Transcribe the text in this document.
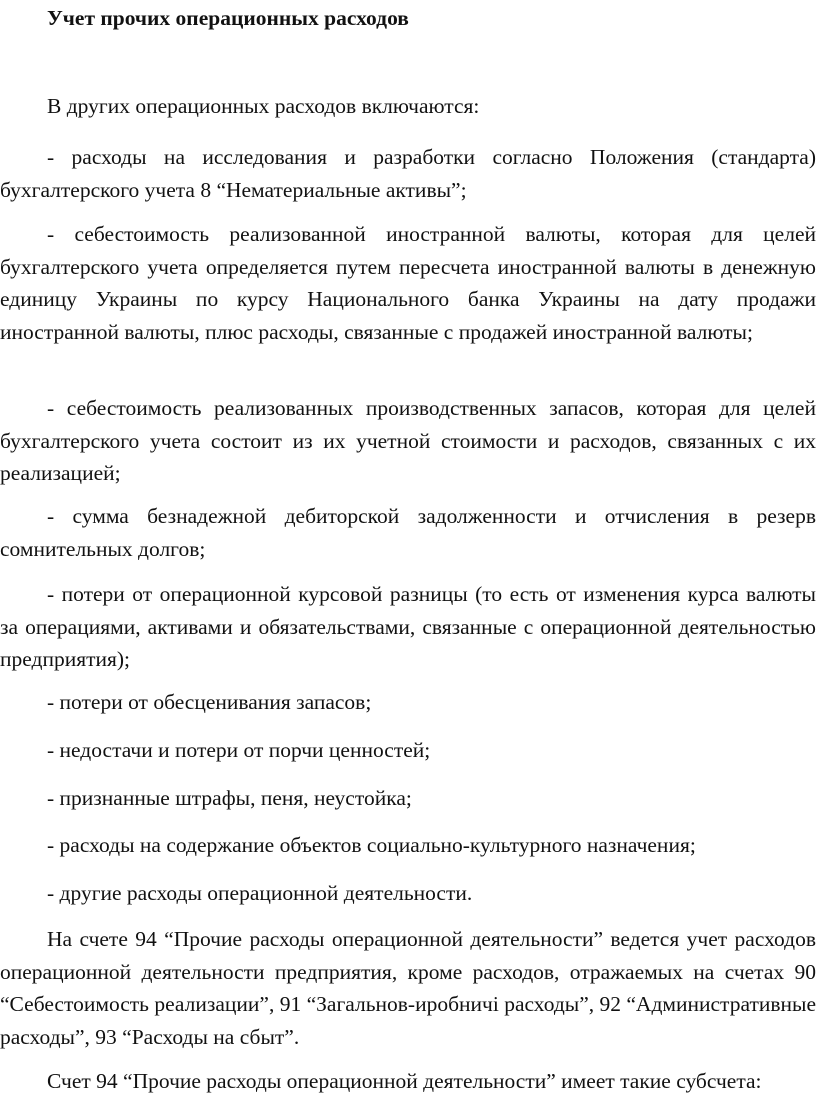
Учет прочих операционных расходов
В других операционных расходов включаются:
- расходы на исследования и разработки согласно Положения (стандарта) бухгалтерского учета 8 “Нематериальные активы”;
- себестоимость реализованной иностранной валюты, которая для целей бухгалтерского учета определяется путем пересчета иностранной валюты в денежную единицу Украины по курсу Национального банка Украины на дату продажи иностранной валюты, плюс расходы, связанные с продажей иностранной валюты;
- себестоимость реализованных производственных запасов, которая для целей бухгалтерского учета состоит из их учетной стоимости и расходов, связанных с их реализацией;
- сумма безнадежной дебиторской задолженности и отчисления в резерв сомнительных долгов;
- потери от операционной курсовой разницы (то есть от изменения курса валюты за операциями, активами и обязательствами, связанные с операционной деятельностью предприятия);
- потери от обесценивания запасов;
- недостачи и потери от порчи ценностей;
- признанные штрафы, пеня, неустойка;
- расходы на содержание объектов социально-культурного назначения;
- другие расходы операционной деятельности.
На счете 94 “Прочие расходы операционной деятельности” ведется учет расходов операционной деятельности предприятия, кроме расходов, отражаемых на счетах 90 “Себестоимость реализации”, 91 “Загальнов-иробничі расходы”, 92 “Административные расходы”, 93 “Расходы на сбыт”.
Счет 94 “Прочие расходы операционной деятельности” имеет такие субсчета:
